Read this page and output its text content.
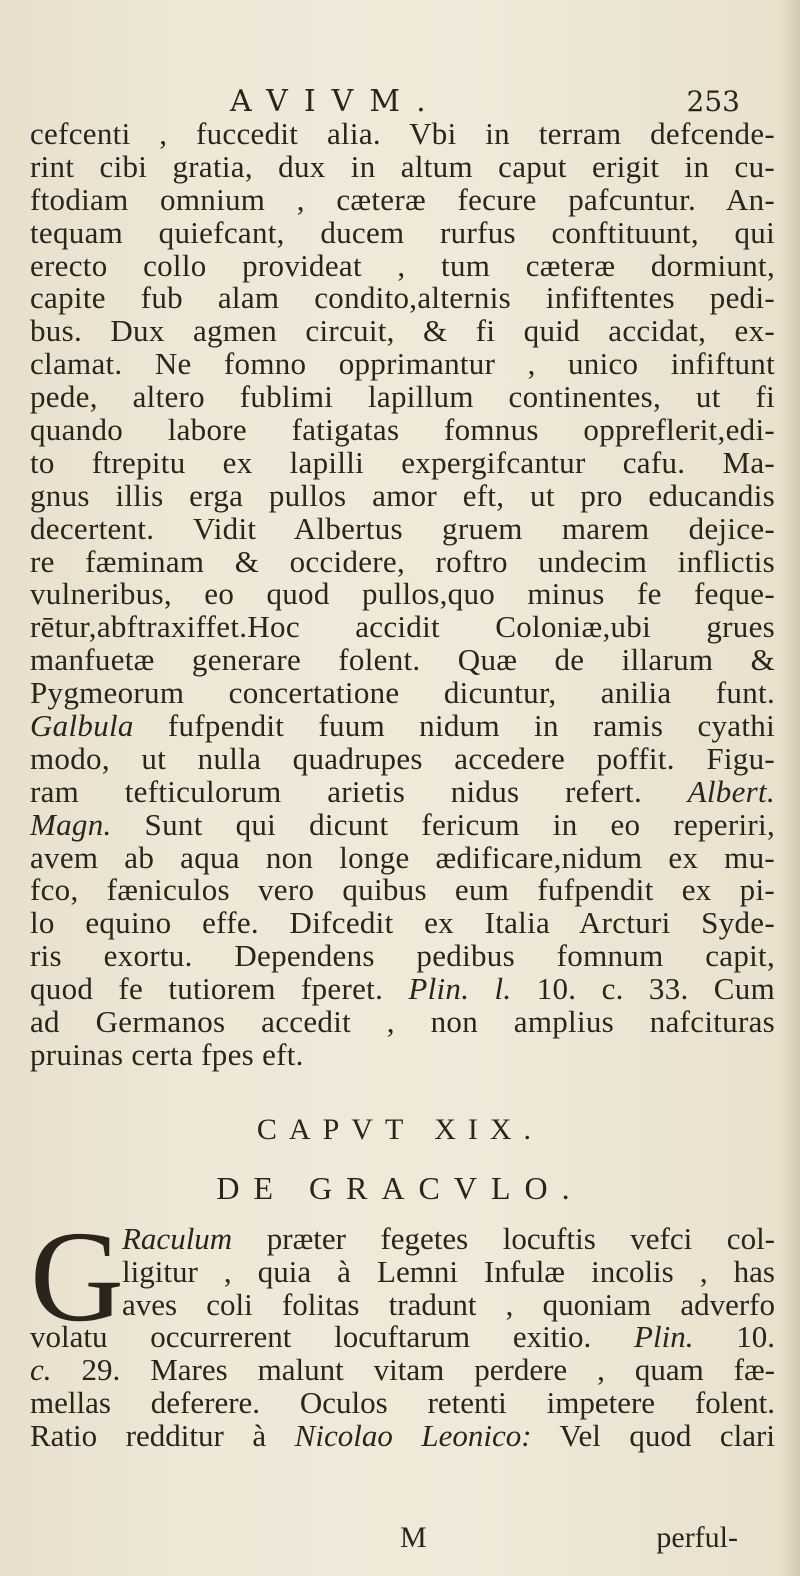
AVIVM.	253
cefcenti , fuccedit alia. Vbi in terram defcende-
rint cibi gratia, dux in altum caput erigit in cu-
ftodiam omnium , cæteræ fecure pafcuntur. An-
tequam quiefcant, ducem rurfus conftituunt, qui
erecto collo provideat , tum cæteræ dormiunt,
capite fub alam condito,alternis infiftentes pedi-
bus. Dux agmen circuit, & fi quid accidat, ex-
clamat. Ne fomno opprimantur , unico infiftunt
pede, altero fublimi lapillum continentes, ut fi
quando labore fatigatas fomnus oppreflerit,edi-
to ftrepitu ex lapilli expergifcantur cafu. Ma-
gnus illis erga pullos amor eft, ut pro educandis
decertent. Vidit Albertus gruem marem dejice-
re fæminam & occidere, roftro undecim inflictis
vulneribus, eo quod pullos,quo minus fe feque-
rētur,abftraxiffet.Hoc accidit Coloniæ,ubi grues
manfuetæ generare folent. Quæ de illarum &
Pygmeorum concertatione dicuntur, anilia funt.
Galbula fufpendit fuum nidum in ramis cyathi
modo, ut nulla quadrupes accedere poffit. Figu-
ram tefticulorum arietis nidus refert. Albert.
Magn. Sunt qui dicunt fericum in eo reperiri,
avem ab aqua non longe ædificare,nidum ex mu-
fco, fæniculos vero quibus eum fufpendit ex pi-
lo equino effe. Difcedit ex Italia Arcturi Syde-
ris exortu. Dependens pedibus fomnum capit,
quod fe tutiorem fperet. Plin. l. 10. c. 33. Cum
ad Germanos accedit , non amplius nafcituras
pruinas certa fpes eft.
CAPVT XIX.
DE GRACVLO.
G
Raculum præter fegetes locuftis vefci col-
ligitur , quia à Lemni Infulæ incolis , has
aves coli folitas tradunt , quoniam adverfo
volatu occurrerent locuftarum exitio. Plin. 10.
c. 29. Mares malunt vitam perdere , quam fæ-
mellas deferere. Oculos retenti impetere folent.
Ratio redditur à Nicolao Leonico: Vel quod clari
M	perful-
